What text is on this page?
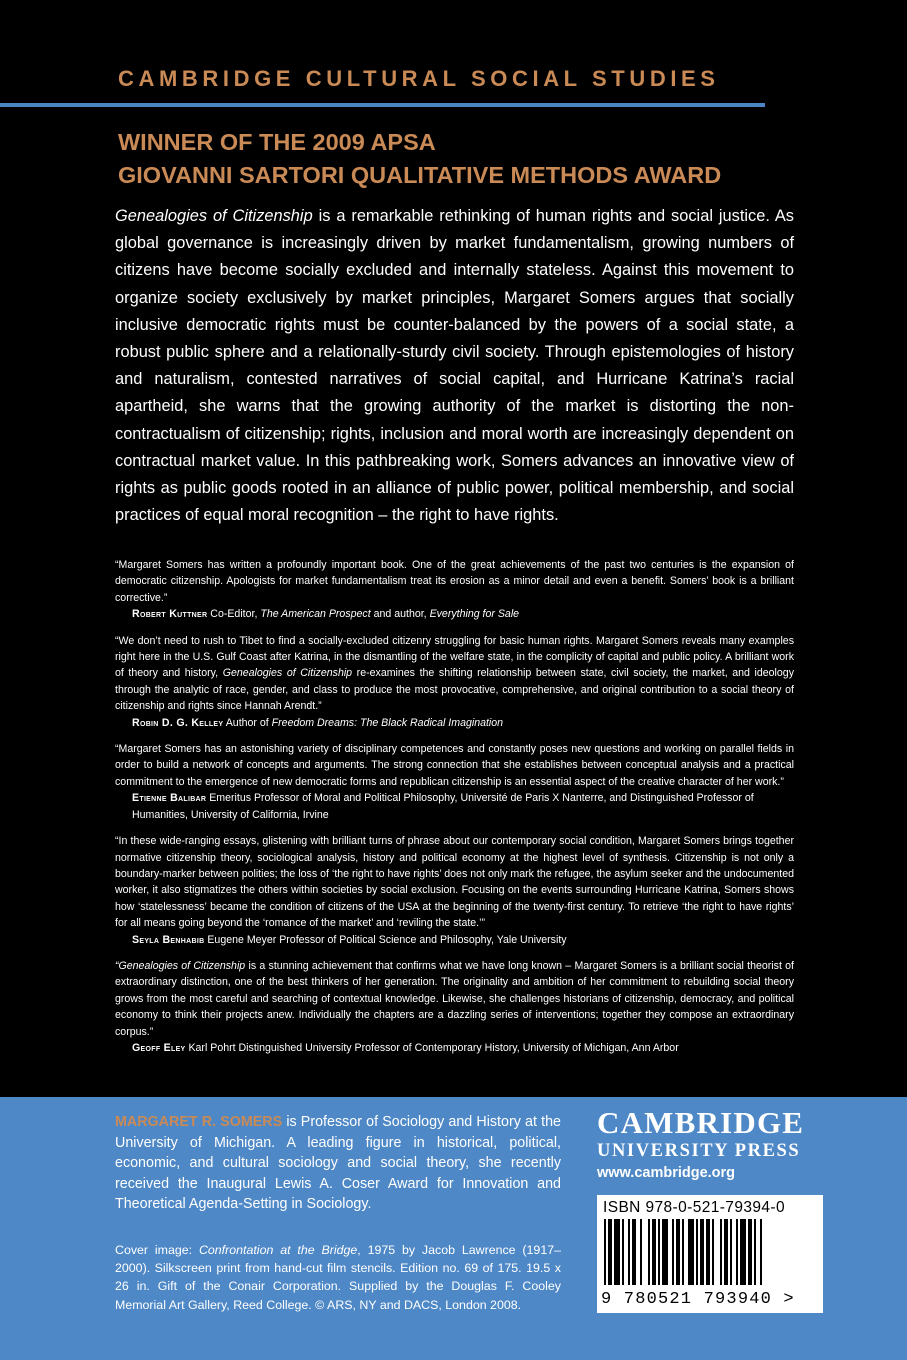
CAMBRIDGE CULTURAL SOCIAL STUDIES
WINNER OF THE 2009 APSA
GIOVANNI SARTORI QUALITATIVE METHODS AWARD
Genealogies of Citizenship is a remarkable rethinking of human rights and social justice. As global governance is increasingly driven by market fundamentalism, growing numbers of citizens have become socially excluded and internally stateless. Against this movement to organize society exclusively by market principles, Margaret Somers argues that socially inclusive democratic rights must be counter-balanced by the powers of a social state, a robust public sphere and a relationally-sturdy civil society. Through epistemologies of history and naturalism, contested narratives of social capital, and Hurricane Katrina’s racial apartheid, she warns that the growing authority of the market is distorting the noncontractualism of citizenship; rights, inclusion and moral worth are increasingly dependent on contractual market value. In this pathbreaking work, Somers advances an innovative view of rights as public goods rooted in an alliance of public power, political membership, and social practices of equal moral recognition – the right to have rights.
“Margaret Somers has written a profoundly important book. One of the great achievements of the past two centuries is the expansion of democratic citizenship. Apologists for market fundamentalism treat its erosion as a minor detail and even a benefit. Somers’ book is a brilliant corrective.”
Robert Kuttner Co-Editor, The American Prospect and author, Everything for Sale
“We don’t need to rush to Tibet to find a socially-excluded citizenry struggling for basic human rights. Margaret Somers reveals many examples right here in the U.S. Gulf Coast after Katrina, in the dismantling of the welfare state, in the complicity of capital and public policy. A brilliant work of theory and history, Genealogies of Citizenship re-examines the shifting relationship between state, civil society, the market, and ideology through the analytic of race, gender, and class to produce the most provocative, comprehensive, and original contribution to a social theory of citizenship and rights since Hannah Arendt.”
Robin D. G. Kelley Author of Freedom Dreams: The Black Radical Imagination
“Margaret Somers has an astonishing variety of disciplinary competences and constantly poses new questions and working on parallel fields in order to build a network of concepts and arguments. The strong connection that she establishes between conceptual analysis and a practical commitment to the emergence of new democratic forms and republican citizenship is an essential aspect of the creative character of her work.”
Etienne Balibar Emeritus Professor of Moral and Political Philosophy, Université de Paris X Nanterre, and Distinguished Professor of Humanities, University of California, Irvine
“In these wide-ranging essays, glistening with brilliant turns of phrase about our contemporary social condition, Margaret Somers brings together normative citizenship theory, sociological analysis, history and political economy at the highest level of synthesis. Citizenship is not only a boundary-marker between polities; the loss of ‘the right to have rights’ does not only mark the refugee, the asylum seeker and the undocumented worker, it also stigmatizes the others within societies by social exclusion. Focusing on the events surrounding Hurricane Katrina, Somers shows how ‘statelessness’ became the condition of citizens of the USA at the beginning of the twenty-first century. To retrieve ‘the right to have rights’ for all means going beyond the ‘romance of the market’ and ‘reviling the state.’”
Seyla Benhabib Eugene Meyer Professor of Political Science and Philosophy, Yale University
“Genealogies of Citizenship is a stunning achievement that confirms what we have long known – Margaret Somers is a brilliant social theorist of extraordinary distinction, one of the best thinkers of her generation. The originality and ambition of her commitment to rebuilding social theory grows from the most careful and searching of contextual knowledge. Likewise, she challenges historians of citizenship, democracy, and political economy to think their projects anew. Individually the chapters are a dazzling series of interventions; together they compose an extraordinary corpus.”
Geoff Eley Karl Pohrt Distinguished University Professor of Contemporary History, University of Michigan, Ann Arbor
MARGARET R. SOMERS is Professor of Sociology and History at the University of Michigan. A leading figure in historical, political, economic, and cultural sociology and social theory, she recently received the Inaugural Lewis A. Coser Award for Innovation and Theoretical Agenda-Setting in Sociology.
Cover image: Confrontation at the Bridge, 1975 by Jacob Lawrence (1917–2000). Silkscreen print from hand-cut film stencils. Edition no. 69 of 175. 19.5 x 26 in. Gift of the Conair Corporation. Supplied by the Douglas F. Cooley Memorial Art Gallery, Reed College. © ARS, NY and DACS, London 2008.
CAMBRIDGE
UNIVERSITY PRESS
www.cambridge.org
ISBN 978-0-521-79394-0
9 780521 793940 >
